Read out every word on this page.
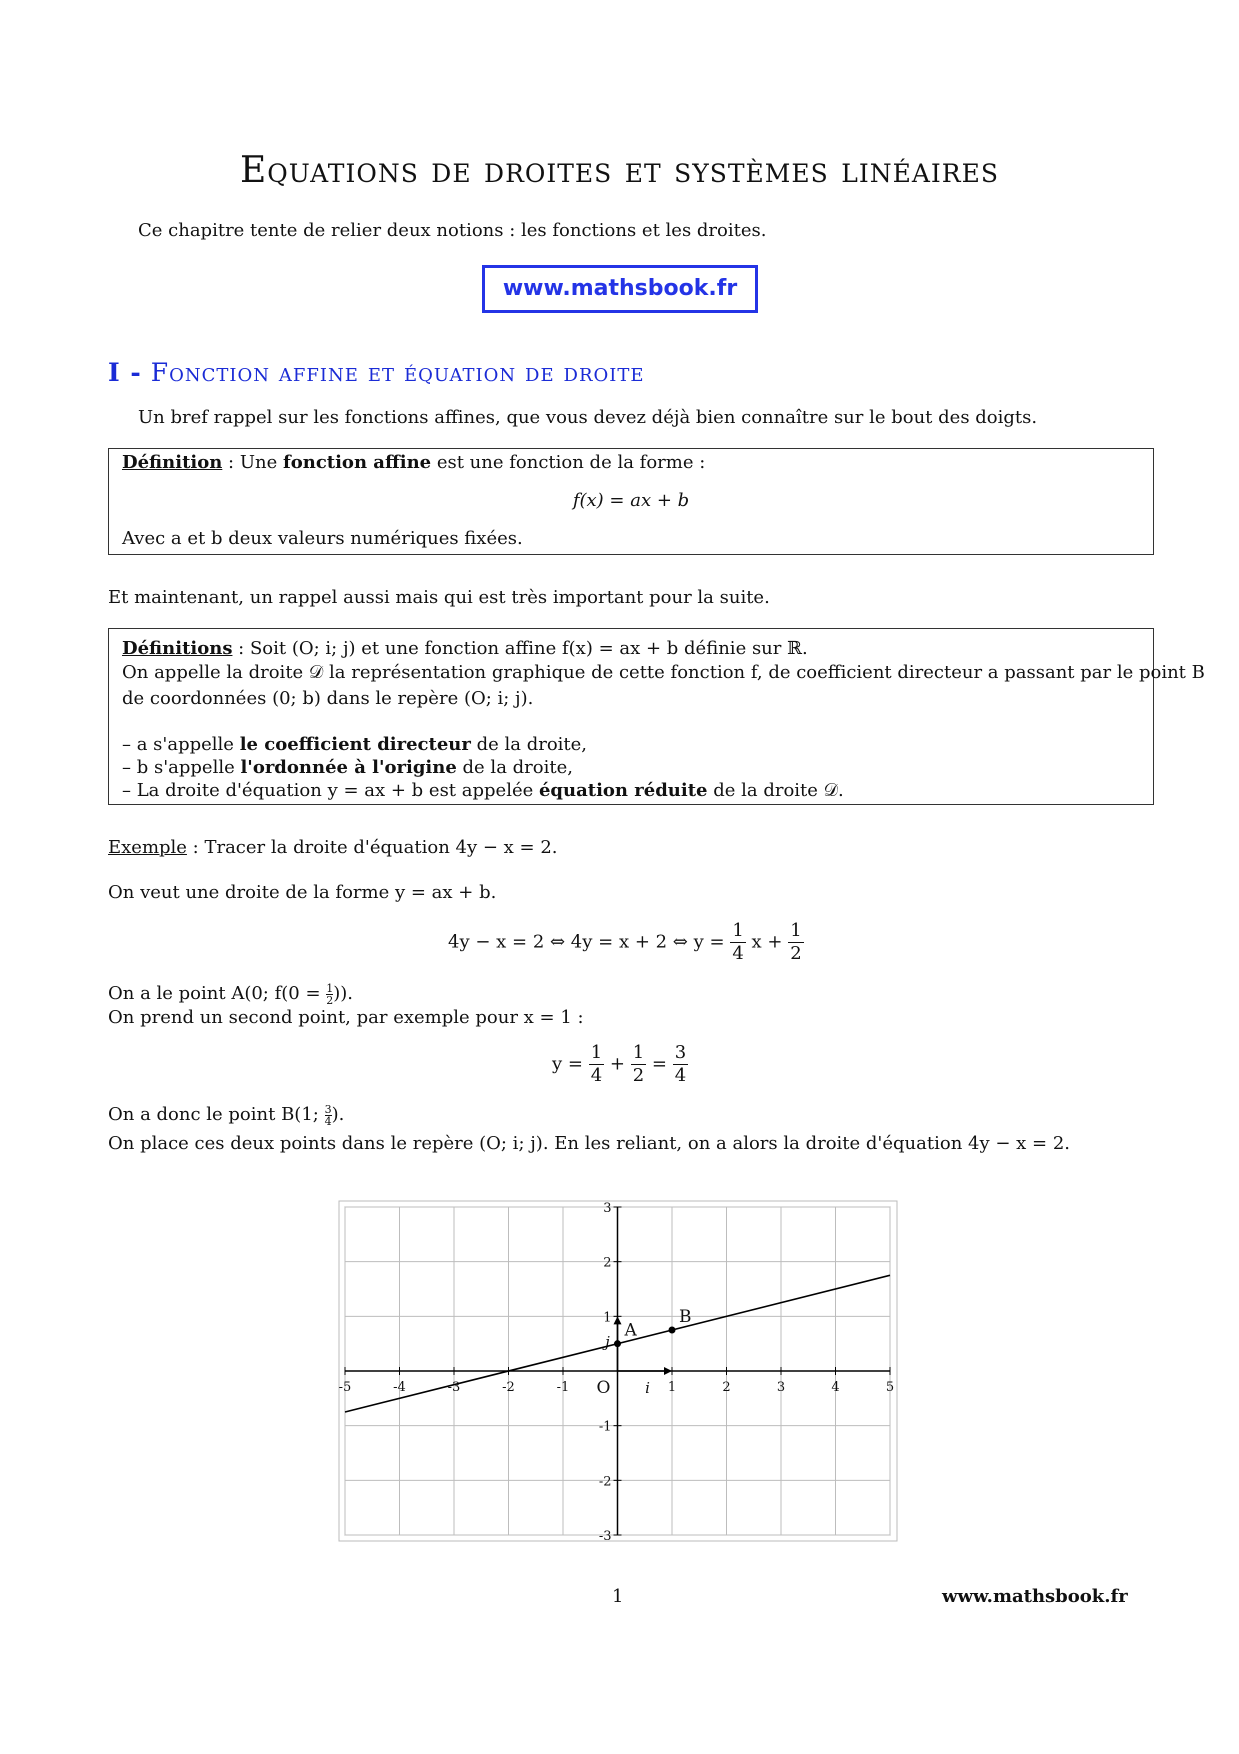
Equations de droites et systèmes linéaires
Ce chapitre tente de relier deux notions : les fonctions et les droites.
www.mathsbook.fr
I - Fonction affine et équation de droite
Un bref rappel sur les fonctions affines, que vous devez déjà bien connaître sur le bout des doigts.
Définition : Une fonction affine est une fonction de la forme :
f(x) = ax + b
Avec a et b deux valeurs numériques fixées.
Et maintenant, un rappel aussi mais qui est très important pour la suite.
Définitions : Soit (O; i; j) et une fonction affine f(x) = ax + b définie sur ℝ.
On appelle la droite 𝒟 la représentation graphique de cette fonction f, de coefficient directeur a passant par le point B
de coordonnées (0; b) dans le repère (O; i; j).
– a s'appelle le coefficient directeur de la droite,
– b s'appelle l'ordonnée à l'origine de la droite,
– La droite d'équation y = ax + b est appelée équation réduite de la droite 𝒟.
Exemple : Tracer la droite d'équation 4y − x = 2.
On veut une droite de la forme y = ax + b.
4y − x = 2 ⇔ 4y = x + 2 ⇔ $y = \frac{1}{4}$ $x + \frac{1}{2}$
On a le point A(0; $f(0 = \frac{1}{2}$ )).
On prend un second point, par exemple pour x = 1 :
$y = \frac{1}{4} + \frac{1}{2} = \frac{3}{4}$
On a donc le point B(1; $\frac{3}{4}$ ).
On place ces deux points dans le repère (O; i; j). En les reliant, on a alors la droite d'équation 4y − x = 2.
-5	-4	-3	-2	-1	1	2	3	4	5
-3
-2
-1
1
2
3
O i
j
A
B
1	www.mathsbook.fr
